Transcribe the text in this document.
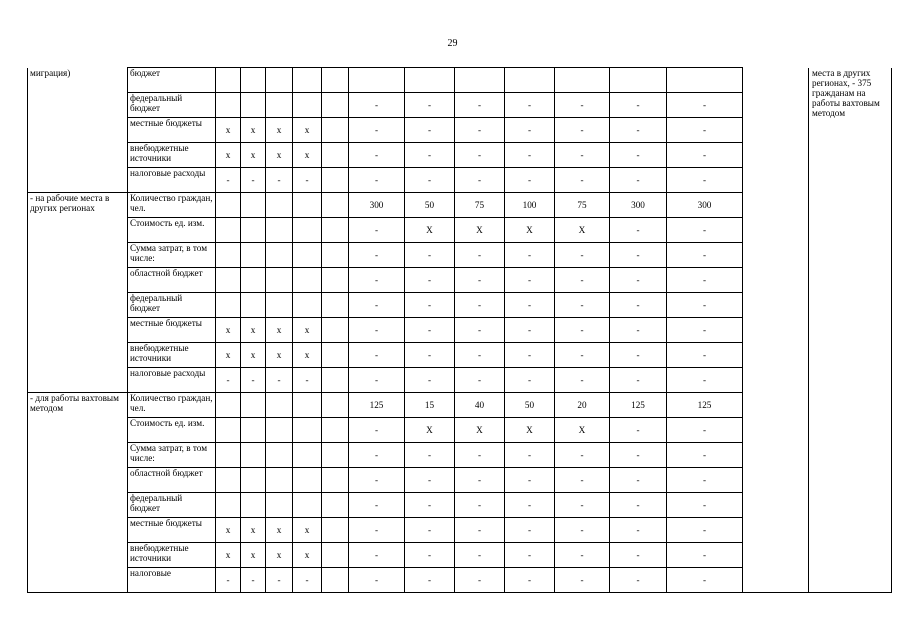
29
миграция)	бюджет														места в других регионах, - 375 гражданам на работы вахтовым методом
	федеральный бюджет						-	-	-	-	-	-	-		
	местные бюджеты	x	x	x	x		-	-	-	-	-	-	-		
	внебюджетные источники	x	x	x	x		-	-	-	-	-	-	-		
	налоговые расходы	-	-	-	-		-	-	-	-	-	-	-		
- на рабочие места в других регионах	Количество граждан, чел.						300	50	75	100	75	300	300		
	Стоимость ед. изм.						-	X	X	X	X	-	-		
	Сумма затрат, в том числе:						-	-	-	-	-	-	-		
	областной бюджет						-	-	-	-	-	-	-		
	федеральный бюджет						-	-	-	-	-	-	-		
	местные бюджеты	x	x	x	x		-	-	-	-	-	-	-		
	внебюджетные источники	x	x	x	x		-	-	-	-	-	-	-		
	налоговые расходы	-	-	-	-		-	-	-	-	-	-	-		
- для работы вахтовым методом	Количество граждан, чел.						125	15	40	50	20	125	125		
	Стоимость ед. изм.						-	X	X	X	X	-	-		
	Сумма затрат, в том числе:						-	-	-	-	-	-	-		
	областной бюджет						-	-	-	-	-	-	-		
	федеральный бюджет						-	-	-	-	-	-	-		
	местные бюджеты	x	x	x	x		-	-	-	-	-	-	-		
	внебюджетные источники	x	x	x	x		-	-	-	-	-	-	-		
	налоговые	-	-	-	-		-	-	-	-	-	-	-		
